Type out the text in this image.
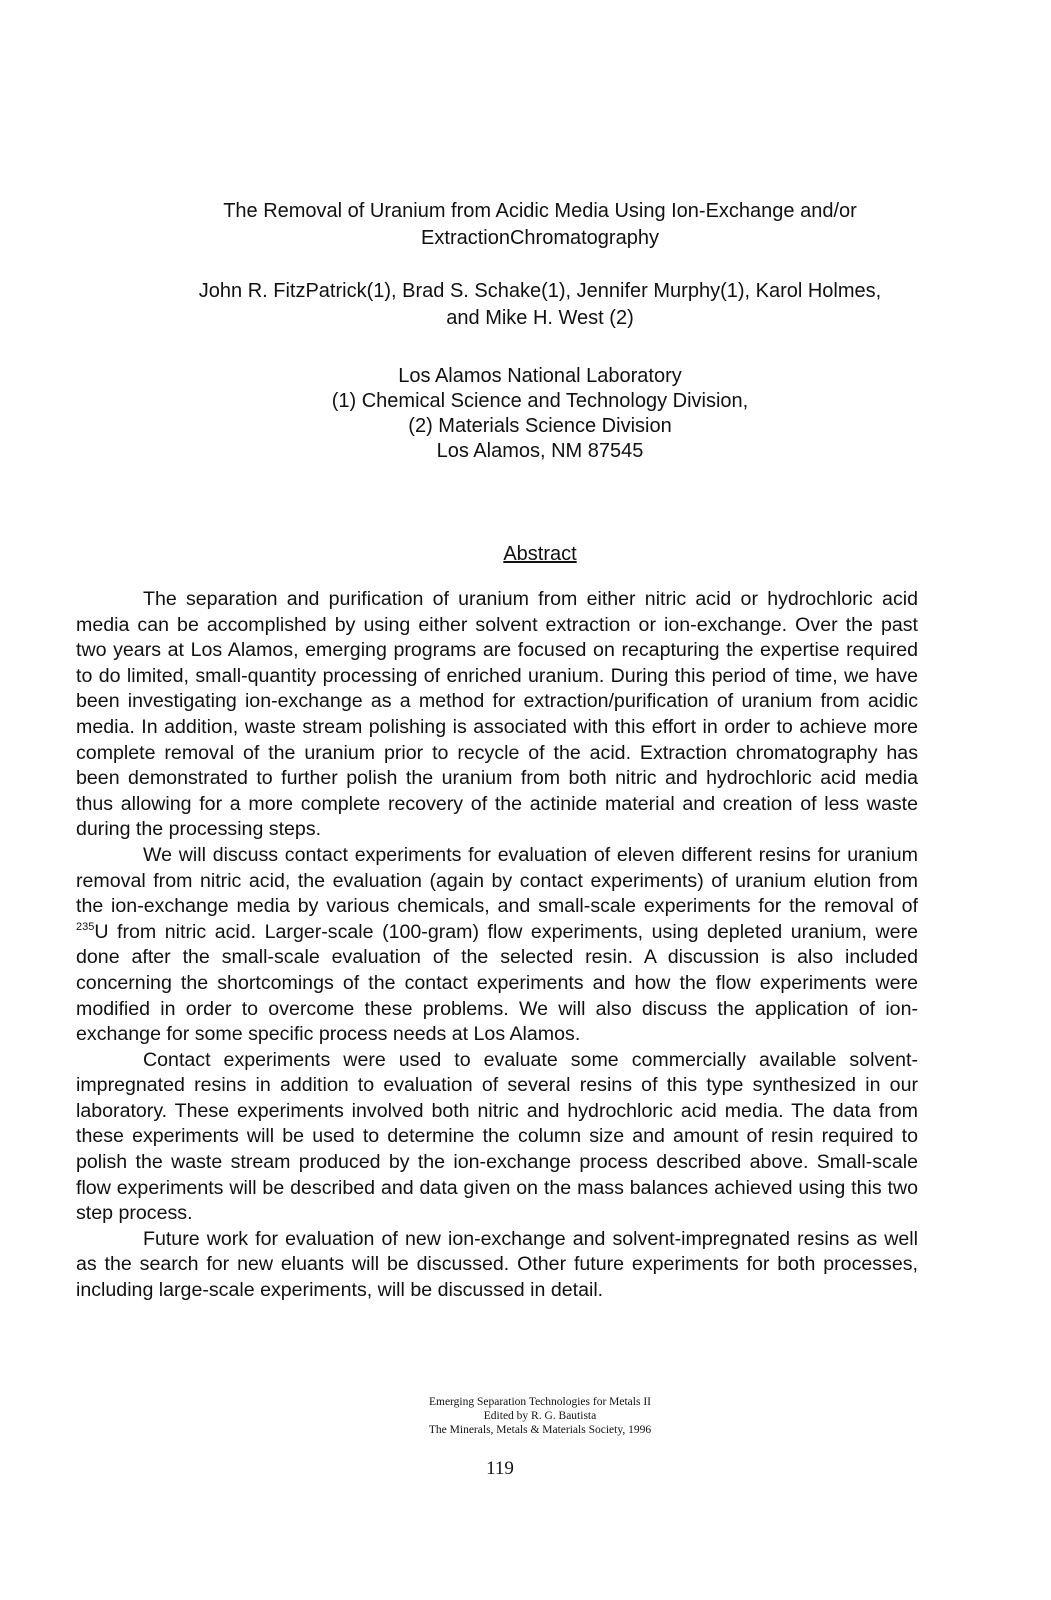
The Removal of Uranium from Acidic Media Using Ion-Exchange and/or
ExtractionChromatography
John R. FitzPatrick(1), Brad S. Schake(1), Jennifer Murphy(1), Karol Holmes,
and Mike H. West (2)
Los Alamos National Laboratory
(1) Chemical Science and Technology Division,
(2) Materials Science Division
Los Alamos, NM 87545
Abstract

The separation and purification of uranium from either nitric acid or hydrochloric acid media can be accomplished by using either solvent extraction or ion-exchange. Over the past two years at Los Alamos, emerging programs are focused on recapturing the expertise required to do limited, small-quantity processing of enriched uranium. During this period of time, we have been investigating ion-exchange as a method for extraction/purification of uranium from acidic media. In addition, waste stream polishing is associated with this effort in order to achieve more complete removal of the uranium prior to recycle of the acid. Extraction chromatography has been demonstrated to further polish the uranium from both nitric and hydrochloric acid media thus allowing for a more complete recovery of the actinide material and creation of less waste during the processing steps.

We will discuss contact experiments for evaluation of eleven different resins for uranium removal from nitric acid, the evaluation (again by contact experiments) of uranium elution from the ion-exchange media by various chemicals, and small-scale experiments for the removal of $^{235}$U from nitric acid. Larger-scale (100-gram) flow experiments, using depleted uranium, were done after the small-scale evaluation of the selected resin. A discussion is also included concerning the shortcomings of the contact experiments and how the flow experiments were modified in order to overcome these problems. We will also discuss the application of ion-exchange for some specific process needs at Los Alamos.

Contact experiments were used to evaluate some commercially available solvent-impregnated resins in addition to evaluation of several resins of this type synthesized in our laboratory. These experiments involved both nitric and hydrochloric acid media. The data from these experiments will be used to determine the column size and amount of resin required to polish the waste stream produced by the ion-exchange process described above. Small-scale flow experiments will be described and data given on the mass balances achieved using this two step process.

Future work for evaluation of new ion-exchange and solvent-impregnated resins as well as the search for new eluants will be discussed. Other future experiments for both processes, including large-scale experiments, will be discussed in detail.

Emerging Separation Technologies for Metals II
Edited by R. G. Bautista
The Minerals, Metals & Materials Society, 1996
119
